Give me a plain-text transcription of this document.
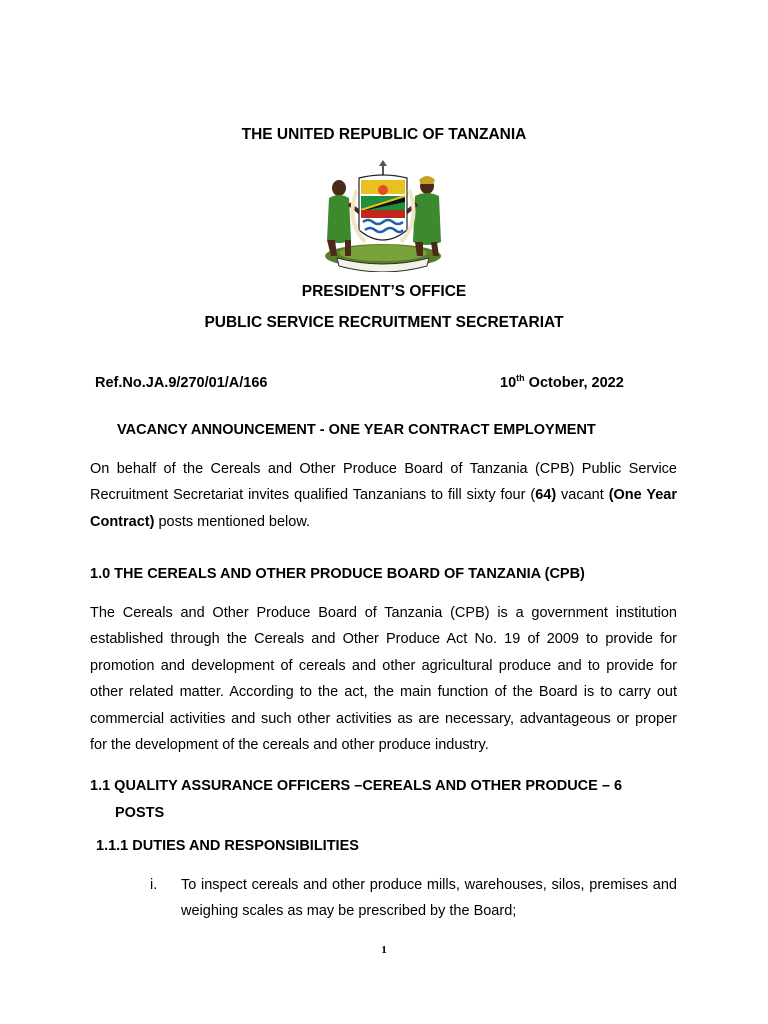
THE UNITED REPUBLIC OF TANZANIA
PRESIDENT’S OFFICE
PUBLIC SERVICE RECRUITMENT SECRETARIAT
Ref.No.JA.9/270/01/A/166	10th October, 2022
VACANCY ANNOUNCEMENT - ONE YEAR CONTRACT EMPLOYMENT
On behalf of the Cereals and Other Produce Board of Tanzania (CPB) Public Service Recruitment Secretariat invites qualified Tanzanians to fill sixty four (64) vacant (One Year Contract) posts mentioned below.
1.0 THE CEREALS AND OTHER PRODUCE BOARD OF TANZANIA (CPB)
The Cereals and Other Produce Board of Tanzania (CPB) is a government institution established through the Cereals and Other Produce Act No. 19 of 2009 to provide for promotion and development of cereals and other agricultural produce and to provide for other related matter. According to the act, the main function of the Board is to carry out commercial activities and such other activities as are necessary, advantageous or proper for the development of the cereals and other produce industry.
1.1 QUALITY ASSURANCE OFFICERS –CEREALS AND OTHER PRODUCE – 6
POSTS
1.1.1 DUTIES AND RESPONSIBILITIES
i.	To inspect cereals and other produce mills, warehouses, silos, premises and weighing scales as may be prescribed by the Board;
1
